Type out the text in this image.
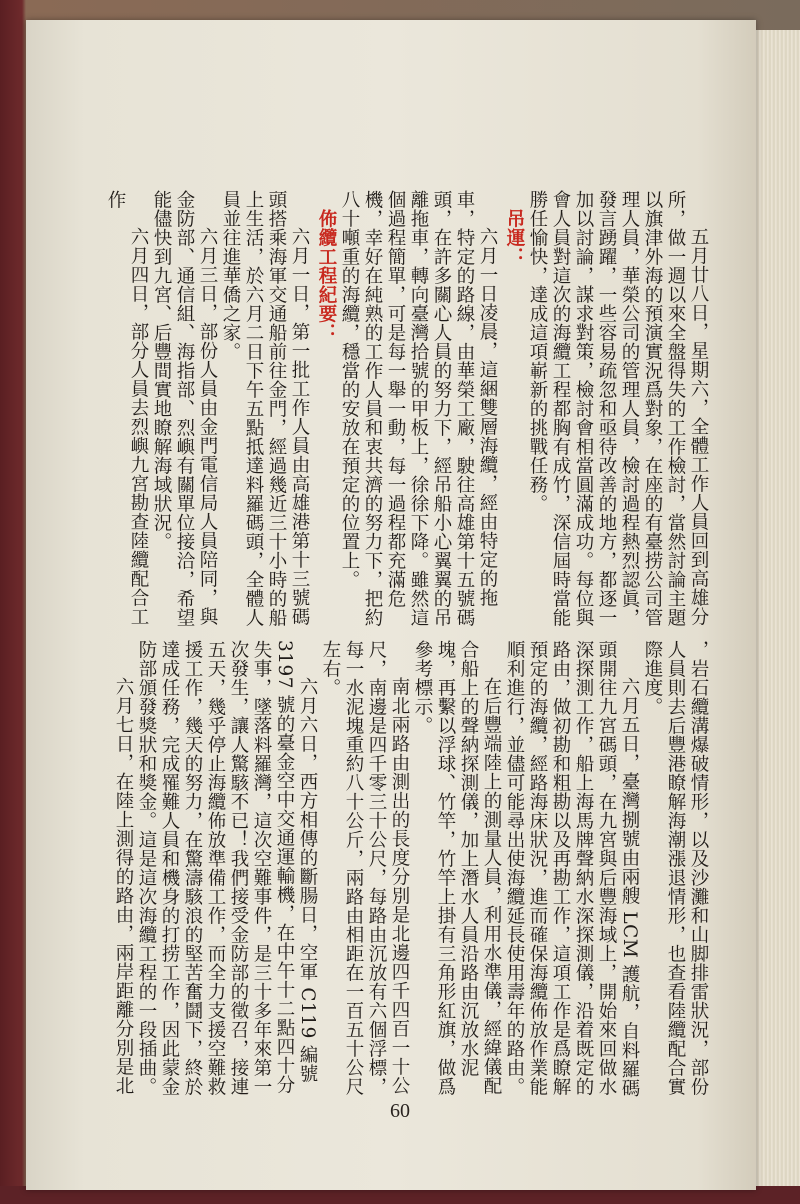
五月廿八日，星期六，全體工作人員回到高雄分所，做一週以來全盤得失的工作檢討，當然討論主題以旗津外海的預演實況爲對象，在座的有臺捞公司管理人員，華榮公司的管理人員，檢討過程熱烈認眞，發言踴躍，一些容易疏忽和亟待改善的地方，都逐一加以討論，謀求對策，檢討會相當圓滿成功。每位與會人員對這次的海纜工程都胸有成竹，深信屆時當能勝任愉快，達成這項嶄新的挑戰任務。

吊運：

六月一日凌晨，這綑雙層海纜，經由特定的拖車，特定的路線，由華榮工廠，駛往高雄第十五號碼頭，在許多關心人員的努力下，經吊船小心翼翼的吊離拖車，轉向臺灣拾號的甲板上，徐徐下降。雖然這個過程簡單，可是每一舉一動，每一過程都充滿危機，幸好在純熟的工作人員和衷共濟的努力下，把約八十噸重的海纜，穩當的安放在預定的位置上。

佈纜工程紀要：

六月一日，第一批工作人員由高雄港第十三號碼頭搭乘海軍交通船前往金門，經過幾近三十小時的船上生活，於六月二日下午五點抵達料羅碼頭，全體人員並往進華僑之家。

六月三日，部份人員由金門電信局人員陪同，與金防部、通信組、海指部、烈嶼有關單位接洽，希望能儘快到九宮、后豐間實地瞭解海域狀況。

六月四日，部分人員去烈嶼九宮勘查陸纜配合工作

，岩石纜溝爆破情形，以及沙灘和山脚排雷狀況，部份人員則去后豐港瞭解海潮漲退情形，也查看陸纜配合實際進度。

六月五日，臺灣捌號由兩艘 LCM 護航，自料羅碼頭開往九宮碼頭，在九宮與后豐海域上，開始來回做水深探測工作，船上海馬牌聲納水深探測儀，沿着既定的路由，做初勘和粗勘以及再勘工作，這項工作是爲瞭解預定的海纜，經路海床狀況，進而確保海纜佈放作業能順利進行，並儘可能尋出使海纜延長使用壽年的路由。

在后豐端陸上的測量人員，利用水準儀，經緯儀配合船上的聲納探測儀，加上潛水人員沿路由沉放水泥塊，再繫以浮球、竹竿，竹竿上掛有三角形紅旗，做爲參考標示。

南北兩路由測出的長度分別是北邊四千四百一十公尺，南邊是四千零三十公尺，每路由沉放有六個浮標，每一水泥塊重約八十公斤，兩路由相距在一百五十公尺左右。

六月六日，西方相傳的斷腸日，空軍 C119 編號 3197 號的臺金空中交通運輸機，在中午十二點四十分失事，墜落料羅灣，這次空難事件，是三十多年來第一次發生，讓人驚駭不已！我們接受金防部的徵召，接連五天，幾乎停止海纜佈放準備工作，而全力支援空難救援工作，幾天的努力，在驚濤駭浪的堅苦奮鬪下，終於達成任務，完成罹難人員和機身的打捞工作，因此蒙金防部頒發獎狀和獎金。這是這次海纜工程的一段插曲。

六月七日，在陸上測得的路由，兩岸距離分別是北

60
